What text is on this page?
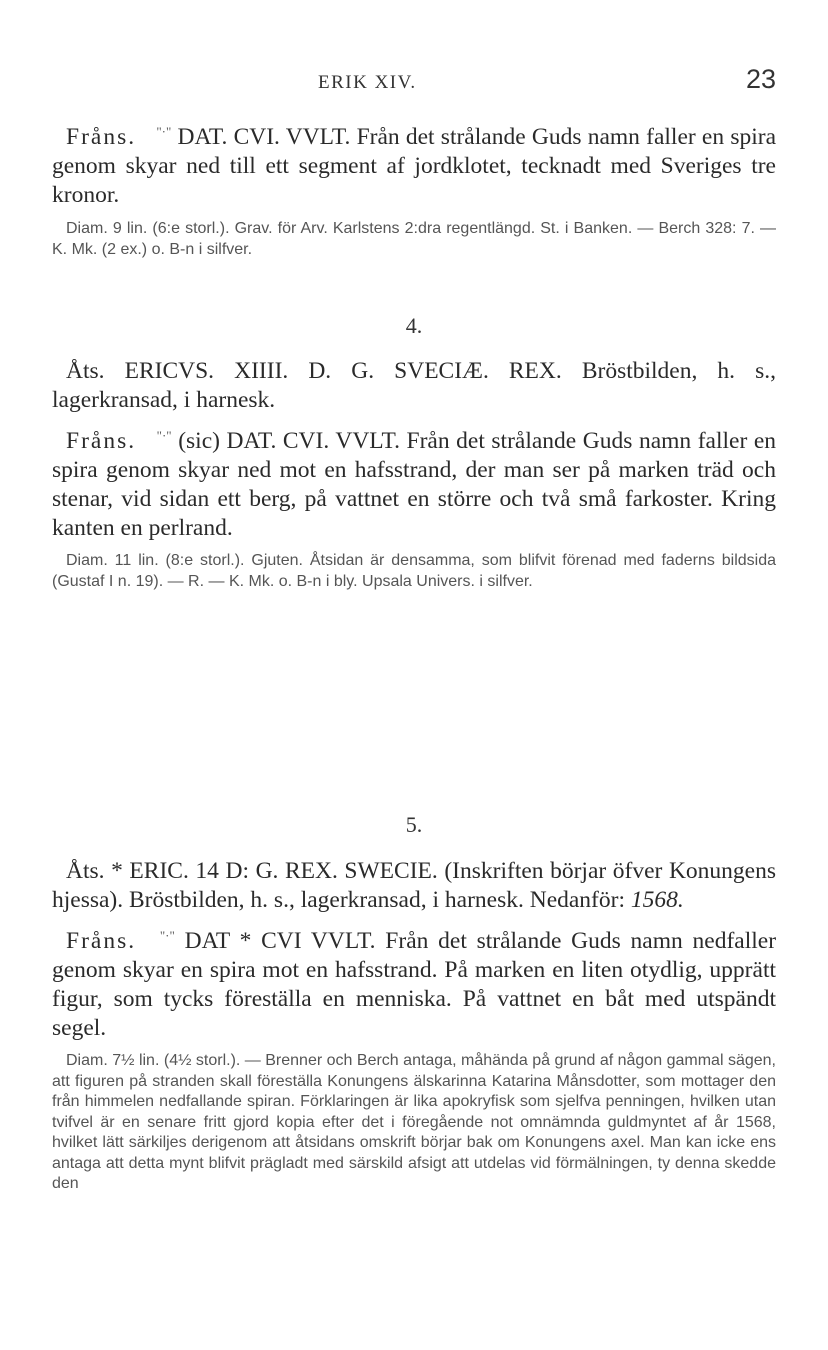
ERIK XIV.	23

Fråns. "·" DAT. CVI. VVLT. Från det strålande Guds namn faller en spira genom skyar ned till ett segment af jordklotet, tecknadt med Sveriges tre kronor.

Diam. 9 lin. (6:e storl.). Grav. för Arv. Karlstens 2:dra regentlängd. St. i Banken. — Berch 328: 7. — K. Mk. (2 ex.) o. B-n i silfver.

4.

Åts. ERICVS. XIIII. D. G. SVECIÆ. REX. Bröstbilden, h. s., lagerkransad, i harnesk.

Fråns. "·" (sic) DAT. CVI. VVLT. Från det strålande Guds namn faller en spira genom skyar ned mot en hafsstrand, der man ser på marken träd och stenar, vid sidan ett berg, på vattnet en större och två små farkoster. Kring kanten en perlrand.

Diam. 11 lin. (8:e storl.). Gjuten. Åtsidan är densamma, som blifvit förenad med faderns bildsida (Gustaf I n. 19). — R. — K. Mk. o. B-n i bly. Upsala Univers. i silfver.

5.

Åts. * ERIC. 14 D: G. REX. SWECIE. (Inskriften börjar öfver Konungens hjessa). Bröstbilden, h. s., lagerkransad, i harnesk. Nedanför: 1568.

Fråns. "·" DAT * CVI VVLT. Från det strålande Guds namn nedfaller genom skyar en spira mot en hafsstrand. På marken en liten otydlig, upprätt figur, som tycks föreställa en menniska. På vattnet en båt med utspändt segel.

Diam. 7½ lin. (4½ storl.). — Brenner och Berch antaga, måhända på grund af någon gammal sägen, att figuren på stranden skall föreställa Konungens älskarinna Katarina Månsdotter, som mottager den från himmelen nedfallande spiran. Förklaringen är lika apokryfisk som sjelfva penningen, hvilken utan tvifvel är en senare fritt gjord kopia efter det i föregående not omnämnda guldmyntet af år 1568, hvilket lätt särkiljes derigenom att åtsidans omskrift börjar bak om Konungens axel. Man kan icke ens antaga att detta mynt blifvit prägladt med särskild afsigt att utdelas vid förmälningen, ty denna skedde den
